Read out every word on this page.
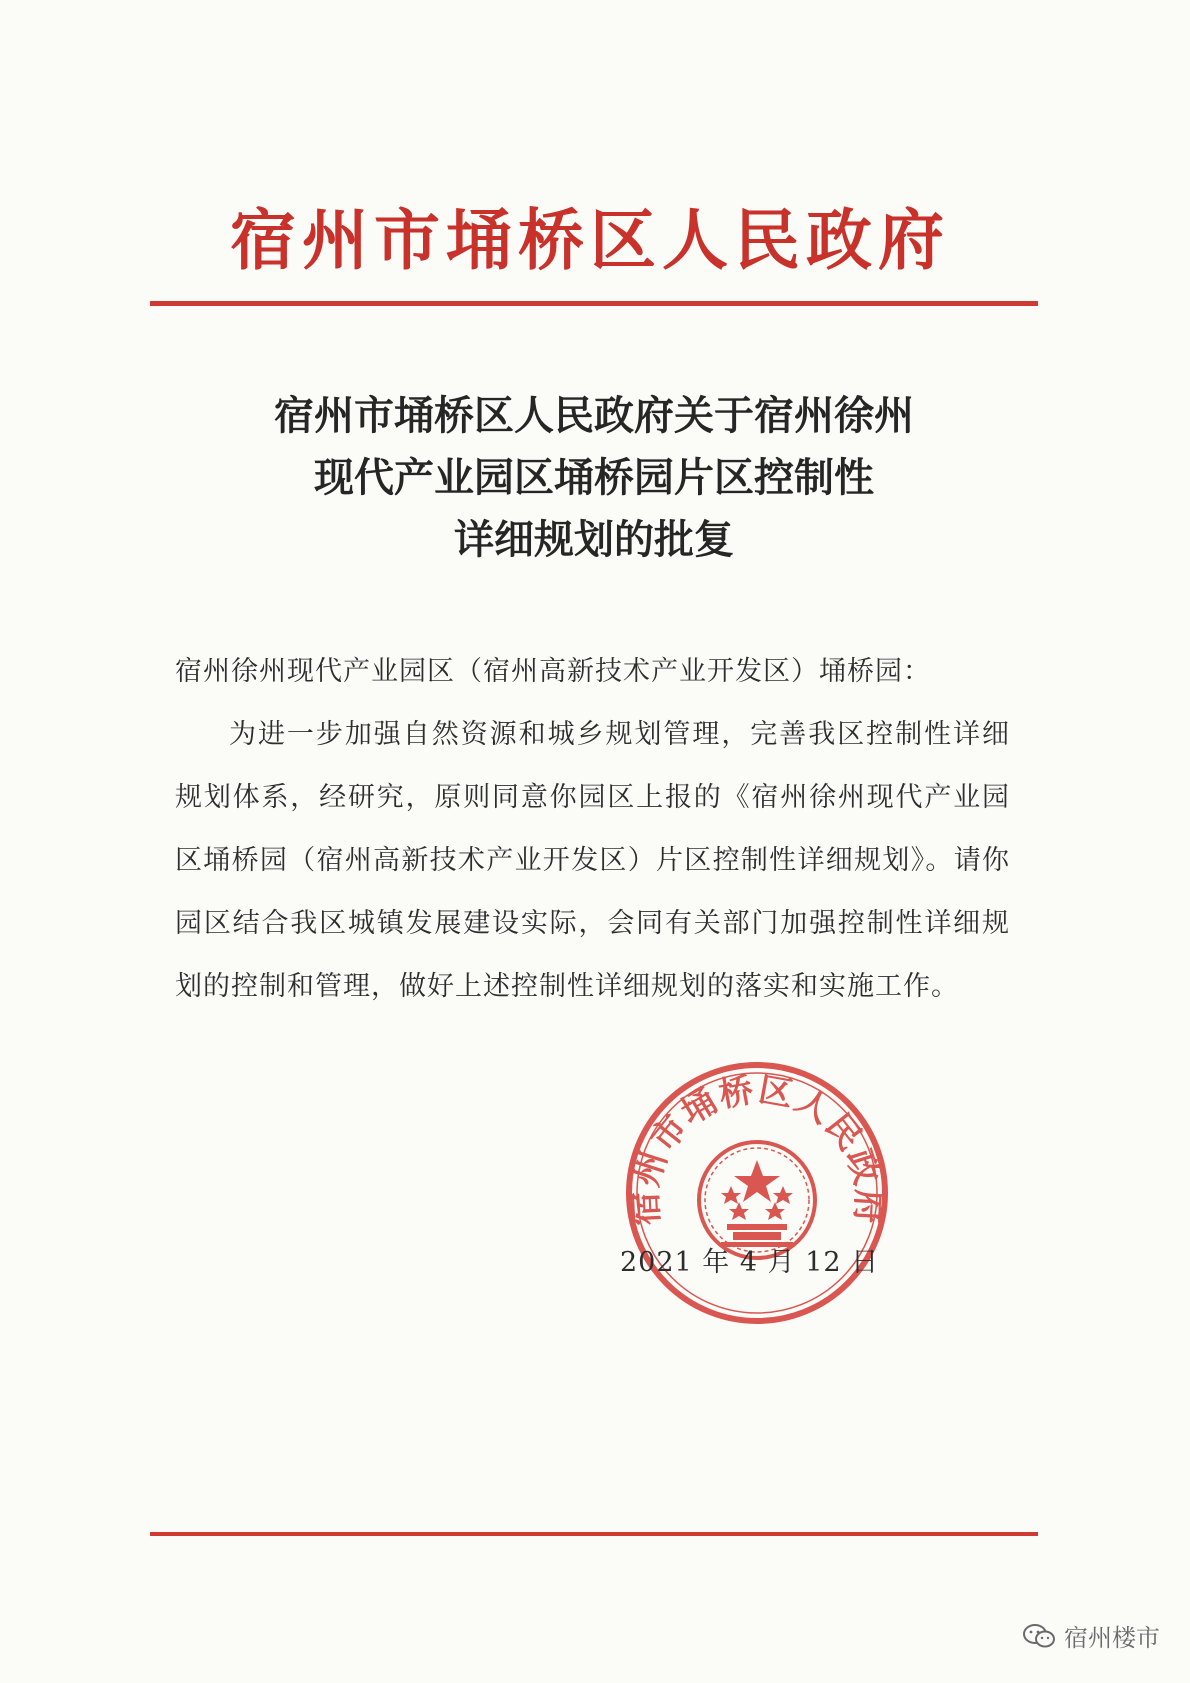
宿州市埇桥区人民政府
宿州市埇桥区人民政府关于宿州徐州
现代产业园区埇桥园片区控制性
详细规划的批复
宿州徐州现代产业园区（宿州高新技术产业开发区）埇桥园：

为进一步加强自然资源和城乡规划管理，完善我区控制性详细规划体系，经研究，原则同意你园区上报的《宿州徐州现代产业园区埇桥园（宿州高新技术产业开发区）片区控制性详细规划》。请你园区结合我区城镇发展建设实际，会同有关部门加强控制性详细规划的控制和管理，做好上述控制性详细规划的落实和实施工作。

宿州市埇桥区人民政府
2021 年 4 月 12 日
宿州楼市
